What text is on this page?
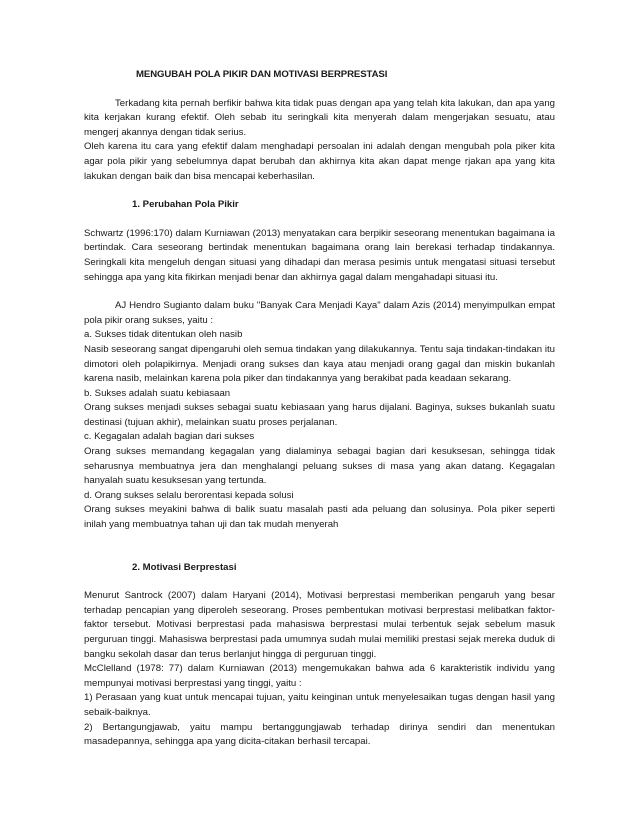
MENGUBAH POLA PIKIR DAN MOTIVASI BERPRESTASI

Terkadang kita pernah berfikir bahwa kita tidak puas dengan apa yang telah kita lakukan, dan apa yang kita kerjakan kurang efektif. Oleh sebab itu seringkali kita menyerah dalam mengerjakan sesuatu, atau mengerj akannya dengan tidak serius.

Oleh karena itu cara yang efektif dalam menghadapi persoalan ini adalah dengan mengubah pola piker kita agar pola pikir yang sebelumnya dapat berubah dan akhirnya kita akan dapat menge rjakan apa yang kita lakukan dengan baik dan bisa mencapai keberhasilan.

1. Perubahan Pola Pikir

Schwartz (1996:170) dalam Kurniawan (2013) menyatakan cara berpikir seseorang menentukan bagaimana ia bertindak. Cara seseorang bertindak menentukan bagaimana orang lain berekasi terhadap tindakannya. Seringkali kita mengeluh dengan situasi yang dihadapi dan merasa pesimis untuk mengatasi situasi tersebut sehingga apa yang kita fikirkan menjadi benar dan akhirnya gagal dalam mengahadapi situasi itu.

AJ Hendro Sugianto dalam buku "Banyak Cara Menjadi Kaya" dalam Azis (2014) menyimpulkan empat pola pikir orang sukses, yaitu :

a. Sukses tidak ditentukan oleh nasib

Nasib seseorang sangat dipengaruhi oleh semua tindakan yang dilakukannya. Tentu saja tindakan-tindakan itu dimotori oleh polapikirnya. Menjadi orang sukses dan kaya atau menjadi orang gagal dan miskin bukanlah karena nasib, melainkan karena pola piker dan tindakannya yang berakibat pada keadaan sekarang.

b. Sukses adalah suatu kebiasaan

Orang sukses menjadi sukses sebagai suatu kebiasaan yang harus dijalani. Baginya, sukses bukanlah suatu destinasi (tujuan akhir), melainkan suatu proses perjalanan.

c. Kegagalan adalah bagian dari sukses

Orang sukses memandang kegagalan yang dialaminya sebagai bagian dari kesuksesan, sehingga tidak seharusnya membuatnya jera dan menghalangi peluang sukses di masa yang akan datang. Kegagalan hanyalah suatu kesuksesan yang tertunda.

d. Orang sukses selalu berorentasi kepada solusi

Orang sukses meyakini bahwa di balik suatu masalah pasti ada peluang dan solusinya. Pola piker seperti inilah yang membuatnya tahan uji dan tak mudah menyerah

2. Motivasi Berprestasi

Menurut Santrock (2007) dalam Haryani (2014), Motivasi berprestasi memberikan pengaruh yang besar terhadap pencapian yang diperoleh seseorang. Proses pembentukan motivasi berprestasi melibatkan faktor-faktor tersebut. Motivasi berprestasi pada mahasiswa berprestasi mulai terbentuk sejak sebelum masuk perguruan tinggi. Mahasiswa berprestasi pada umumnya sudah mulai memiliki prestasi sejak mereka duduk di bangku sekolah dasar dan terus berlanjut hingga di perguruan tinggi.

McClelland (1978: 77) dalam Kurniawan (2013) mengemukakan bahwa ada 6 karakteristik individu yang mempunyai motivasi berprestasi yang tinggi, yaitu :

1) Perasaan yang kuat untuk mencapai tujuan, yaitu keinginan untuk menyelesaikan tugas dengan hasil yang sebaik-baiknya.

2) Bertangungjawab, yaitu mampu bertanggungjawab terhadap dirinya sendiri dan menentukan masadepannya, sehingga apa yang dicita-citakan berhasil tercapai.
